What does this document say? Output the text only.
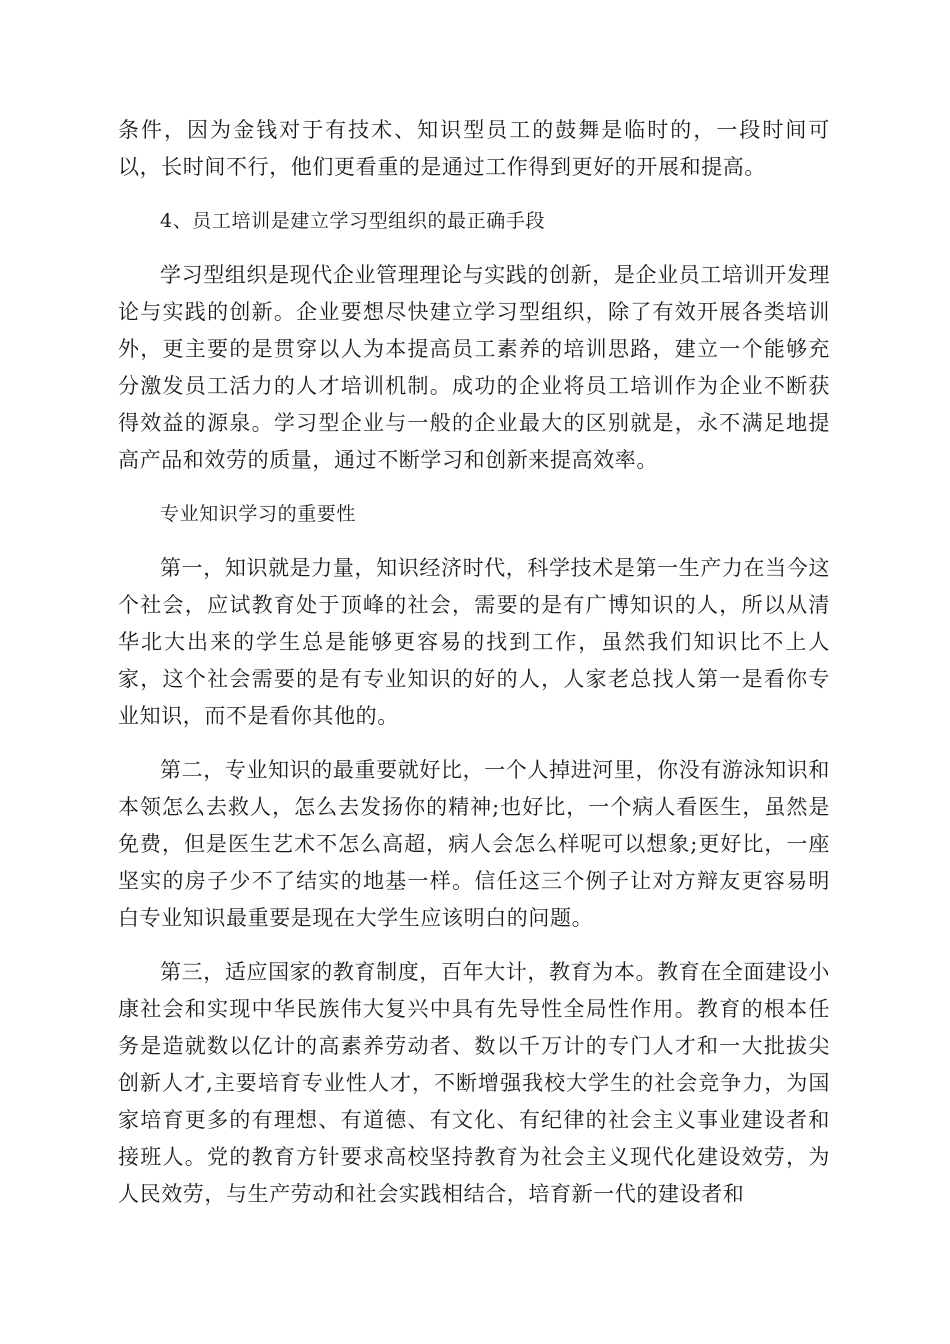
条件，因为金钱对于有技术、知识型员工的鼓舞是临时的，一段时间可以，长时间不行，他们更看重的是通过工作得到更好的开展和提高。

4、员工培训是建立学习型组织的最正确手段

学习型组织是现代企业管理理论与实践的创新，是企业员工培训开发理论与实践的创新。企业要想尽快建立学习型组织，除了有效开展各类培训外，更主要的是贯穿以人为本提高员工素养的培训思路，建立一个能够充分激发员工活力的人才培训机制。成功的企业将员工培训作为企业不断获得效益的源泉。学习型企业与一般的企业最大的区别就是，永不满足地提高产品和效劳的质量，通过不断学习和创新来提高效率。

专业知识学习的重要性

第一，知识就是力量，知识经济时代，科学技术是第一生产力在当今这个社会，应试教育处于顶峰的社会，需要的是有广博知识的人，所以从清华北大出来的学生总是能够更容易的找到工作，虽然我们知识比不上人家，这个社会需要的是有专业知识的好的人，人家老总找人第一是看你专业知识，而不是看你其他的。

第二，专业知识的最重要就好比，一个人掉进河里，你没有游泳知识和本领怎么去救人，怎么去发扬你的精神;也好比，一个病人看医生，虽然是免费，但是医生艺术不怎么高超，病人会怎么样呢可以想象;更好比，一座坚实的房子少不了结实的地基一样。信任这三个例子让对方辩友更容易明白专业知识最重要是现在大学生应该明白的问题。

第三，适应国家的教育制度，百年大计，教育为本。教育在全面建设小康社会和实现中华民族伟大复兴中具有先导性全局性作用。教育的根本任务是造就数以亿计的高素养劳动者、数以千万计的专门人才和一大批拔尖创新人才,主要培育专业性人才，不断增强我校大学生的社会竞争力，为国家培育更多的有理想、有道德、有文化、有纪律的社会主义事业建设者和接班人。党的教育方针要求高校坚持教育为社会主义现代化建设效劳，为人民效劳，与生产劳动和社会实践相结合，培育新一代的建设者和
